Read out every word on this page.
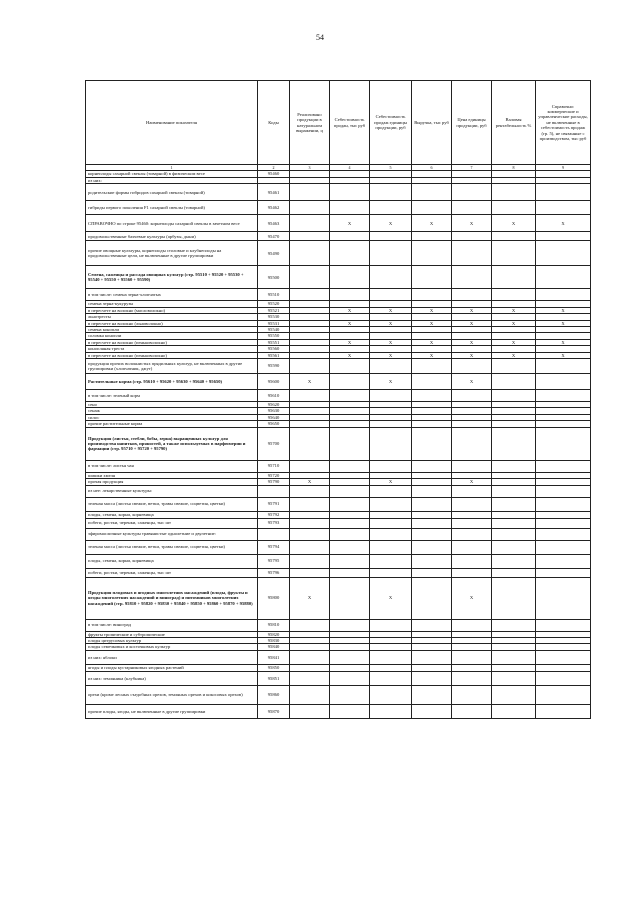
54
Наименование показателя	Коды	Реализовано продукции в натуральном выражении, ц	Себестоимость продан, тыс руб	Себестоимость продаж единицы продукции, руб	Выручка, тыс руб	Цена единицы продукции, руб	Валовая рентабельность %	Справочно: коммерческие и управленческие расходы, не включенные в себестоимость продаж (гр. 5), не связанные с производством, тыс руб
1	2	3	4	5	6	7	8	9
корнеплоды сахарной свеклы (товарной) в физическом весе	95460							
из них:								
родительские формы гибридов сахарной свеклы (товарной)	95461							
гибриды первого поколения F1 сахарной свеклы (товарной)	95462							
СПРАВОЧНО по строке 95460: корнеплоды сахарной свеклы в зачетном весе	95463		X	X	X	X	X	X
продовольственные бахчевые культуры (арбузы, дыни)	95470							
прочие овощные культуры, корнеплоды столовые и клубнеплоды на продовольственные цели, не включенные в другие группировки	95490							
Семена, саженцы и рассада овощных культур (стр. 95510 + 95520 + 95530 + 95540 + 95550 + 95560 + 95590)	95500							
в том числе: семена зерна-хлопчатых	95510							
семена зерна-кукурузы	95520							
в пересчете на волокно (масловолокно)	95521		X	X	X	X	X	X
льнотресты	95530							
в пересчете на волокно (льноволокно)	95531		X	X	X	X	X	X
семена конопли	95540							
соломка конопли	95550							
в пересчете на волокно (пеньковолокно)	95551		X	X	X	X	X	X
конопляная треста	95560							
в пересчете на волокно (пеньковолокно)	95561		X	X	X	X	X	X
продукция прочих волокнистых прядильных культур, не включенных в другие группировки (хлопчатник, джут)	95590							
Растительные корма (стр. 95610 + 95620 + 95630 + 95640 + 95650)	95600	X		X		X		
в том числе: зеленый корм	95610							
сено	95620							
сенаж	95630							
силос	95640							
прочие растительные корма	95650							
Продукция (листья, стебли, бобы, зерна) выращенных культур для производства напитков, пряностей, а также используемых в парфюмерии и фармации (стр. 95710 + 95720 + 95790)	95700							
в том числе: листья чая	95710							
шишки хмеля	95720							
прочая продукция	95790	X		X		X		
из нее: лекарственные культуры:								
зеленая масса (листья свежие, ветки, травы свежие, соцветия, цветки)	95791							
плоды, семена, корни, корневища	95792							
побеги, ростки, черенки, саженцы, тыс шт	95793							
эфиромасличные культуры травянистые однолетние и двулетние:								
зеленая масса (листья свежие, ветки, травы свежие, соцветия, цветки)	95794							
плоды, семена, корни, корневища	95795							
побеги, ростки, черенки, саженцы, тыс шт	95796							
Продукция плодовых и ягодных многолетних насаждений (плоды, фрукты и ягоды многолетних насаждений и виноград) и питомников многолетних насаждений (стр. 95810 + 95820 + 95830 + 95840 + 95850 + 95860 + 95870 + 95880)	95800	X		X		X		
в том числе: виноград	95810							
фрукты тропические и субтропические	95820							
плоды цитрусовых культур	95830							
плоды семечковых и косточковых культур	95840							
из них: яблоки	95841							
ягоды и плоды кустарниковых ягодных растений	95850							
из них: земляника (клубника)	95851							
орехи (кроме лесных съедобных орехов, земляных орехов и кокосовых орехов)	95860							
прочие плоды, ягоды, не включенные в другие группировки	95870							
